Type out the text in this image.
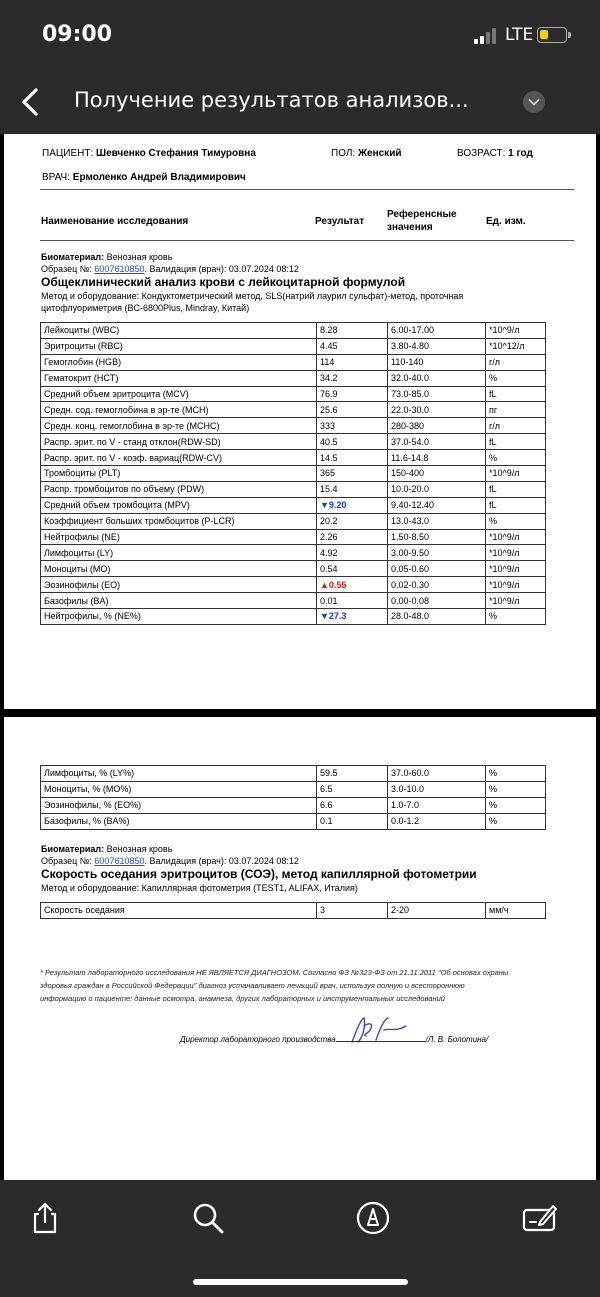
09:00	LTE
Получение результатов анализов...
ПАЦИЕНТ: Шевченко Стефания Тимуровна	ПОЛ: Женский	ВОЗРАСТ: 1 год
ВРАЧ: Ермоленко Андрей Владимирович
Наименование исследования	Результат
Референсные
значения
Ед. изм.
Биоматериал: Венозная кровь
Образец №: 6007610850. Валидация (врач): 03.07.2024 08:12
Общеклинический анализ крови с лейкоцитарной формулой
Метод и оборудование: Кондуктометрический метод, SLS(натрий лаурил сульфат)-метод, проточная
цитофлуориметрия (BC-6800Plus, Mindray, Китай)
Лейкоциты (WBC)	8.28	6.00-17.00	*10^9/л
Эритроциты (RBC)	4.45	3.80-4.80	*10^12/л
Гемоглобин (HGB)	114	110-140	г/л
Гематокрит (HCT)	34.2	32.0-40.0	%
Средний объем эритроцита (MCV)	76.9	73.0-85.0	fL
Средн. сод. гемоглобина в эр-те (MCH)	25.6	22.0-30.0	пг
Средн. конц. гемоглобина в эр-те (MCHC)	333	280-380	г/л
Распр. эрит. по V - станд отклон(RDW-SD)	40.5	37.0-54.0	fL
Распр. эрит. по V - коэф. вариац(RDW-CV)	14.5	11.6-14.8	%
Тромбоциты (PLT)	365	150-400	*10^9/л
Распр. тромбоцитов по объему (PDW)	15.4	10.0-20.0	fL
Средний объем тромбоцита (MPV)	▼9.20	9.40-12.40	fL
Коэффициент больших тромбоцитов (P-LCR)	20.2	13.0-43.0	%
Нейтрофилы (NE)	2.26	1.50-8.50	*10^9/л
Лимфоциты (LY)	4.92	3.00-9.50	*10^9/л
Моноциты (MO)	0.54	0.05-0.60	*10^9/л
Эозинофилы (EO)	▲0.55	0.02-0.30	*10^9/л
Базофилы (BA)	0.01	0.00-0.08	*10^9/л
Нейтрофилы, % (NE%)	▼27.3	28.0-48.0	%
Лимфоциты, % (LY%)	59.5	37.0-60.0	%
Моноциты, % (MO%)	6.5	3.0-10.0	%
Эозинофилы, % (EO%)	6.6	1.0-7.0	%
Базофилы, % (BA%)	0.1	0.0-1.2	%
Биоматериал: Венозная кровь
Образец №: 6007610850. Валидация (врач): 03.07.2024 08:12
Скорость оседания эритроцитов (СОЭ), метод капиллярной фотометрии
Метод и оборудование: Капиллярная фотометрия (TEST1, ALIFAX, Италия)
Скорость оседания	3	2-20	мм/ч
* Результат лабораторного исследования НЕ ЯВЛЯЕТСЯ ДИАГНОЗОМ. Согласно ФЗ №323-ФЗ от 21.11.2011 "Об основах охраны
здоровья граждан в Российской Федерации" диагноз устанавливает лечащий врач, используя полную и всестороннюю
информацию о пациенте: данные осмотра, анамнеза, других лабораторных и инструментальных исследований
Директор лабораторного производства	/Л. В. Болотина/
